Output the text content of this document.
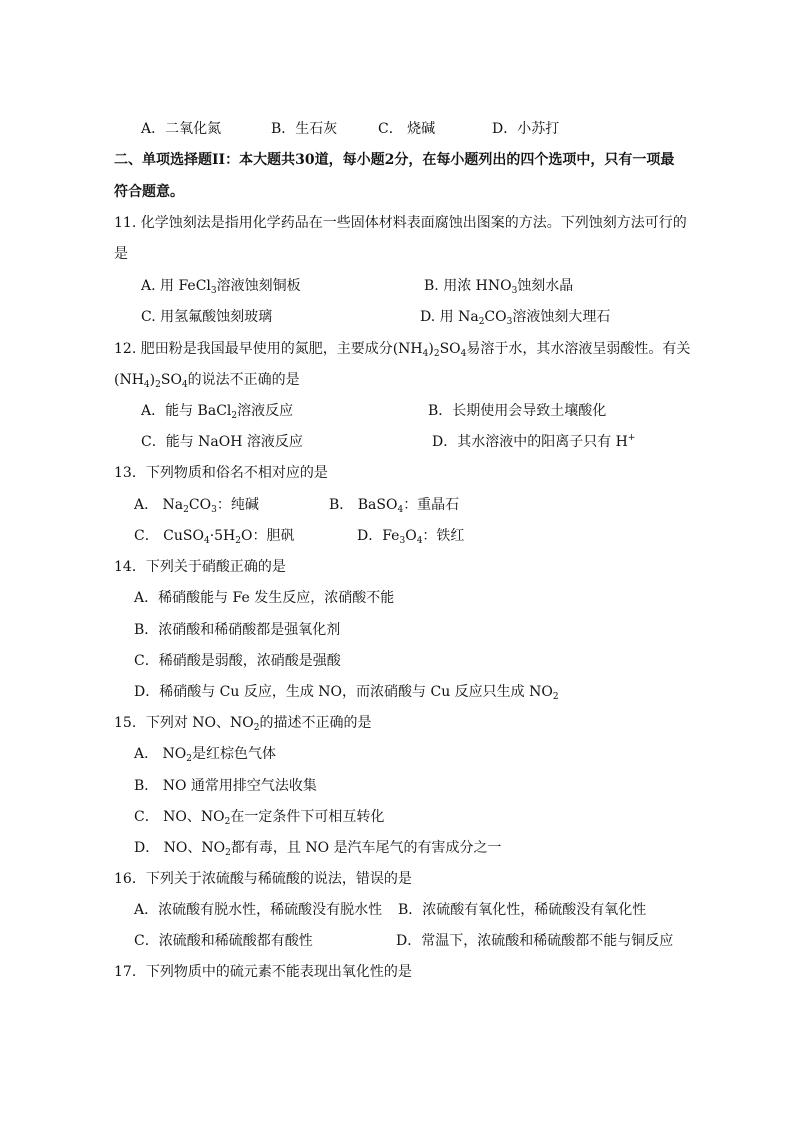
A．二氧化氮	B．生石灰	C． 烧碱	D．小苏打
二、单项选择题II：本大题共30道，每小题2分，在每小题列出的四个选项中，只有一项最
符合题意。
11. 化学蚀刻法是指用化学药品在一些固体材料表面腐蚀出图案的方法。下列蚀刻方法可行的
是
A. 用 FeCl$_3$溶液蚀刻铜板	B. 用浓 $HNO_3$蚀刻水晶
C. 用氢氟酸蚀刻玻璃	D. 用 $Na_2CO_3$溶液蚀刻大理石
12. 肥田粉是我国最早使用的氮肥，主要成分$(NH_4)_2SO_4$易溶于水，其水溶液呈弱酸性。有关
$(NH_4)_2SO_4$的说法不正确的是
A．能与 BaCl$_2$溶液反应	B．长期使用会导致土壤酸化
C．能与 NaOH 溶液反应	D．其水溶液中的阳离子只有 H+
13．下列物质和俗名不相对应的是
A． $Na_2CO_3$：纯碱	B． BaSO$_4$：重晶石
C． $CuSO_4\cdot 5H_2O$：胆矾	D．$Fe_3O_4$：铁红
14．下列关于硝酸正确的是
A．稀硝酸能与 Fe 发生反应，浓硝酸不能
B．浓硝酸和稀硝酸都是强氧化剂
C．稀硝酸是弱酸，浓硝酸是强酸
D．稀硝酸与 Cu 反应，生成 NO，而浓硝酸与 Cu 反应只生成 $NO_2$
15．下列对 NO、$NO_2$的描述不正确的是
A． $NO_2$是红棕色气体
B． NO 通常用排空气法收集
C． NO、$NO_2$在一定条件下可相互转化
D． NO、$NO_2$都有毒，且 NO 是汽车尾气的有害成分之一
16．下列关于浓硫酸与稀硫酸的说法，错误的是
A．浓硫酸有脱水性，稀硫酸没有脱水性 B．浓硫酸有氧化性，稀硫酸没有氧化性
C．浓硫酸和稀硫酸都有酸性	D．常温下，浓硫酸和稀硫酸都不能与铜反应
17．下列物质中的硫元素不能表现出氧化性的是
